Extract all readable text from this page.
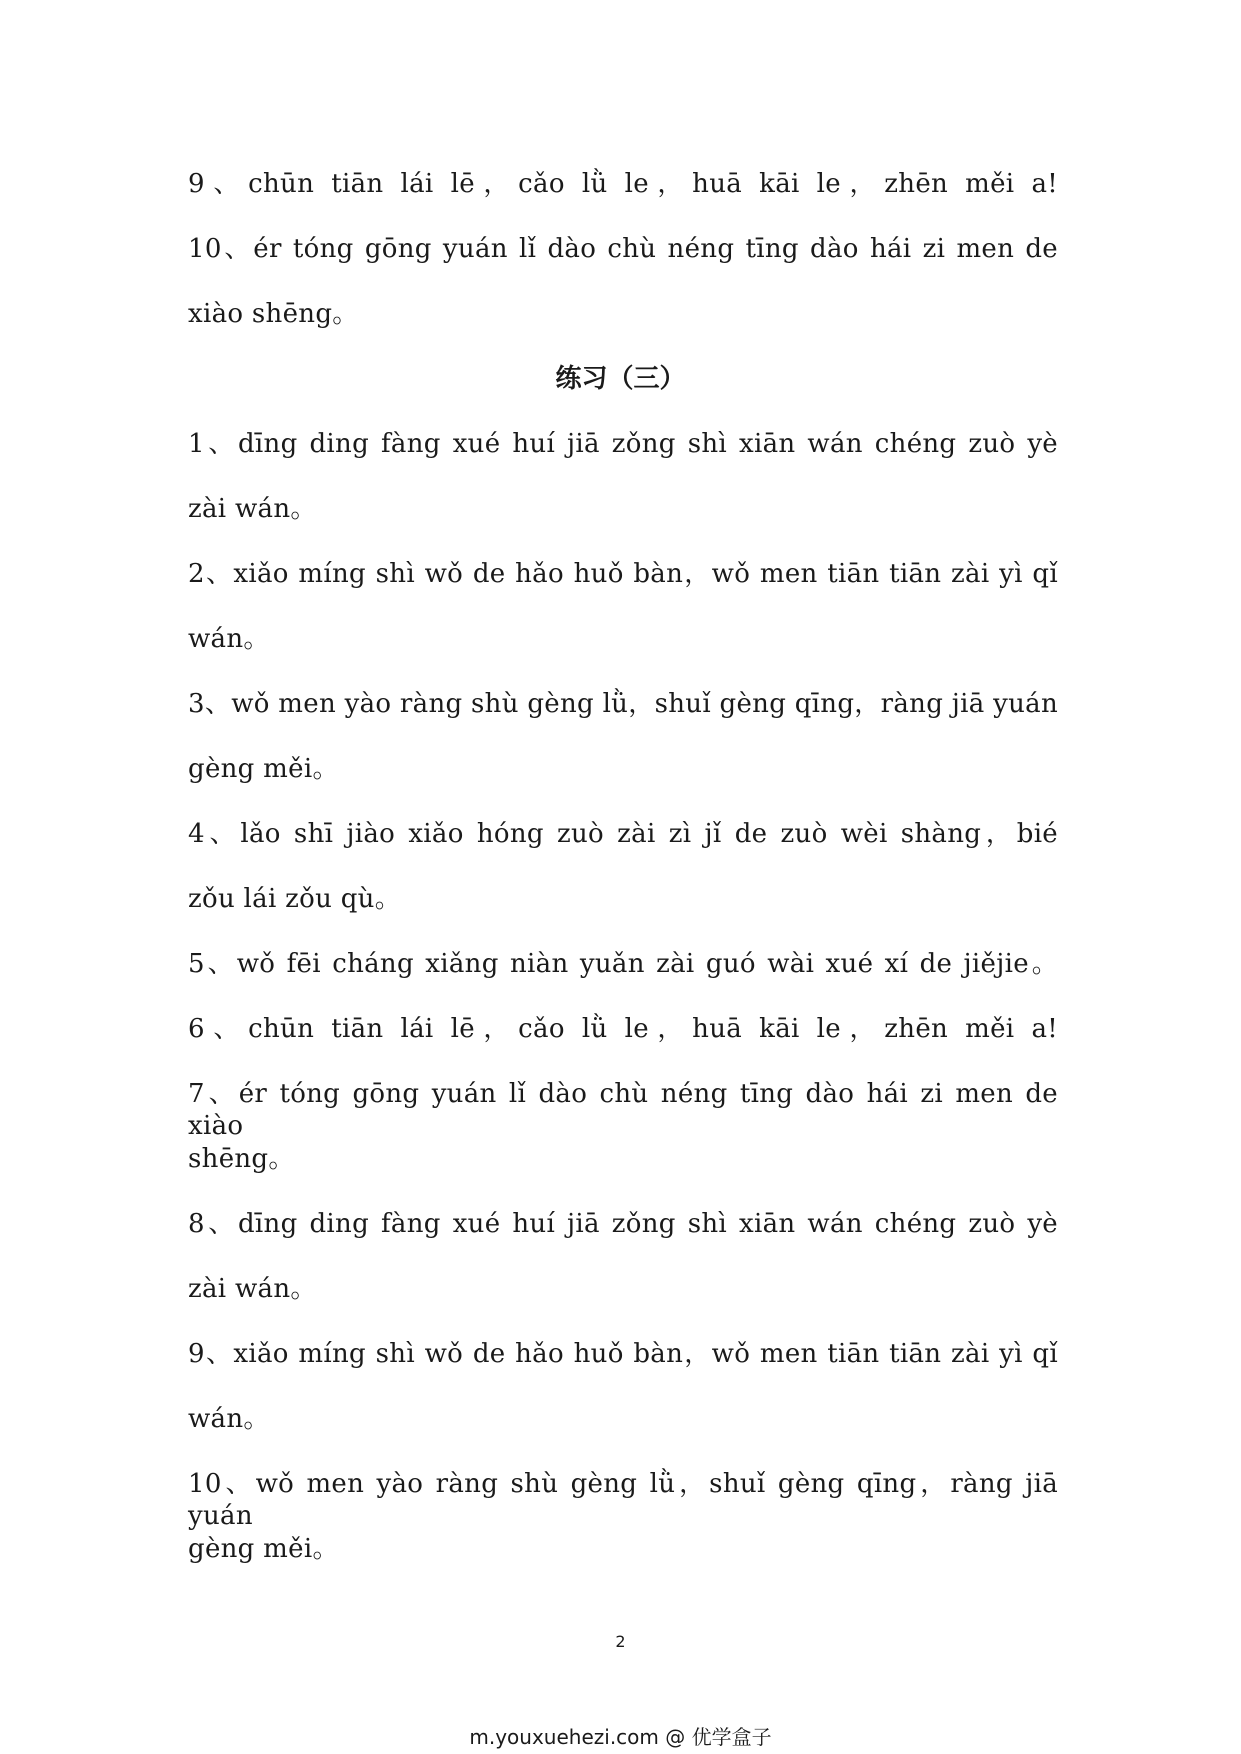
9、chūn tiān lái lē，cǎo lǜ le，huā kāi le，zhēn měi a!
10、ér tóng gōng yuán lǐ dào chù néng tīng dào hái zi men de
xiào shēng。
练习（三）
1、dīng ding fàng xué huí jiā zǒng shì xiān wán chéng zuò yè
zài wán。
2、xiǎo míng shì wǒ de hǎo huǒ bàn，wǒ men tiān tiān zài yì qǐ
wán。
3、wǒ men yào ràng shù gèng lǜ，shuǐ gèng qīng，ràng jiā yuán
gèng měi。
4、lǎo shī jiào xiǎo hóng zuò zài zì jǐ de zuò wèi shàng，bié
zǒu lái zǒu qù。
5、wǒ fēi cháng xiǎng niàn yuǎn zài guó wài xué xí de jiějie。
6、chūn tiān lái lē，cǎo lǜ le，huā kāi le，zhēn měi a!
7、ér tóng gōng yuán lǐ dào chù néng tīng dào hái zi men de xiào
shēng。
8、dīng ding fàng xué huí jiā zǒng shì xiān wán chéng zuò yè
zài wán。
9、xiǎo míng shì wǒ de hǎo huǒ bàn，wǒ men tiān tiān zài yì qǐ
wán。
10、wǒ men yào ràng shù gèng lǜ，shuǐ gèng qīng，ràng jiā yuán
gèng měi。
2
m.youxuehezi.com @ 优学盒子
